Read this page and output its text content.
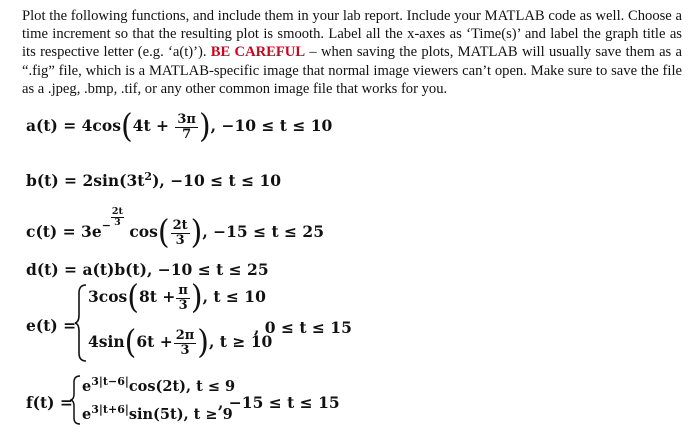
Plot the following functions, and include them in your lab report. Include your MATLAB code as well. Choose a time increment so that the resulting plot is smooth. Label all the x-axes as ‘Time(s)’ and label the graph title as its respective letter (e.g. ‘a(t)’). BE CAREFUL – when saving the plots, MATLAB will usually save them as a “.fig” file, which is a MATLAB-specific image that normal image viewers can’t open. Make sure to save the file as a .jpeg, .bmp, .tif, or any other common image file that works for you.
$a(t) = 4\cos(4t + \frac{3\pi}{7}$ ), −10 ≤ t ≤ 10
$b(t) = 2\sin(3t^2)$, −10 ≤ t ≤ 10
$c(t) = 3e^- \frac{2t}{3}$
$\cos( \frac{2t}{3}$ ), −15 ≤ t ≤ 25
d(t) = a(t)b(t), −10 ≤ t ≤ 25
e(t) =
$3\cos(8t + \frac{\pi}{3}$ ), t ≤ 10
$4\sin(6t + \frac{2\pi}{3}$ ), t ≥ 10
, 0 ≤ t ≤ 15
f(t) =
$e^{3|t-6|}\cos(2t)$, t ≤ 9
$e^{3|t+6|}\sin(5t)$, t ≥ 9
, −15 ≤ t ≤ 15
